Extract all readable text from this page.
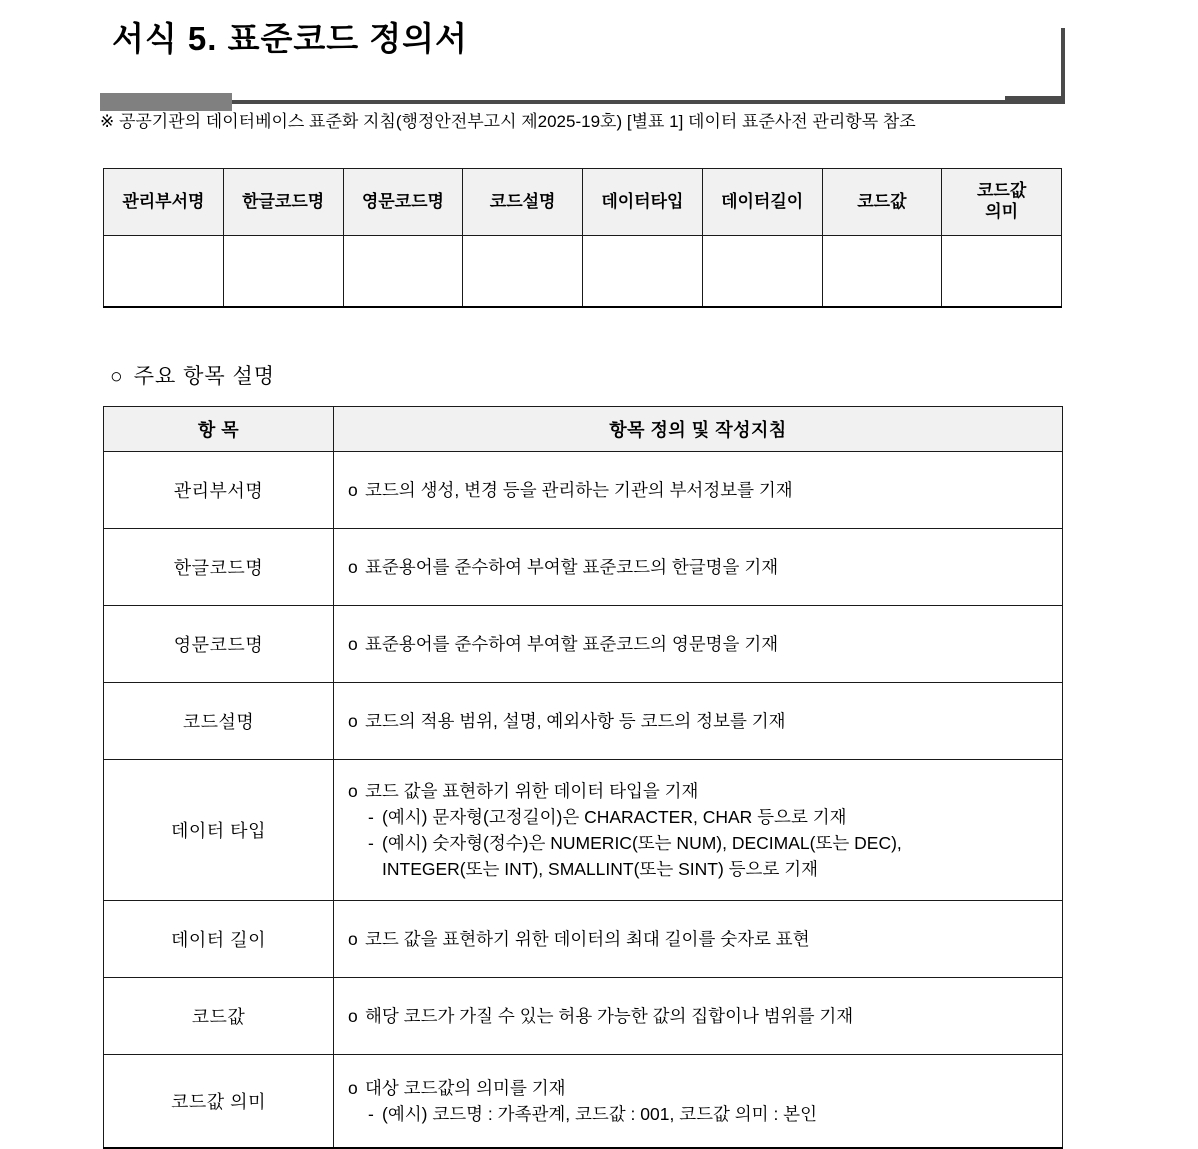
서식 5. 표준코드 정의서
※ 공공기관의 데이터베이스 표준화 지침(행정안전부고시 제2025-19호) [별표 1] 데이터 표준사전 관리항목 참조
관리부서명	한글코드명	영문코드명	코드설명	데이터타입	데이터길이	코드값	코드값
의미

○ 주요 항목 설명
항 목	항목 정의 및 작성지침
관리부서명	o 코드의 생성, 변경 등을 관리하는 기관의 부서정보를 기재

한글코드명	o 표준용어를 준수하여 부여할 표준코드의 한글명을 기재

영문코드명	o 표준용어를 준수하여 부여할 표준코드의 영문명을 기재

코드설명	o 코드의 적용 범위, 설명, 예외사항 등 코드의 정보를 기재

데이터 타입	o 코드 값을 표현하기 위한 데이터 타입을 기재
- (예시) 문자형(고정길이)은 CHARACTER, CHAR 등으로 기재
- (예시) 숫자형(정수)은 NUMERIC(또는 NUM), DECIMAL(또는 DEC),
INTEGER(또는 INT), SMALLINT(또는 SINT) 등으로 기재

데이터 길이	o 코드 값을 표현하기 위한 데이터의 최대 길이를 숫자로 표현

코드값	o 해당 코드가 가질 수 있는 허용 가능한 값의 집합이나 범위를 기재

코드값 의미	o 대상 코드값의 의미를 기재
- (예시) 코드명 : 가족관계, 코드값 : 001, 코드값 의미 : 본인
